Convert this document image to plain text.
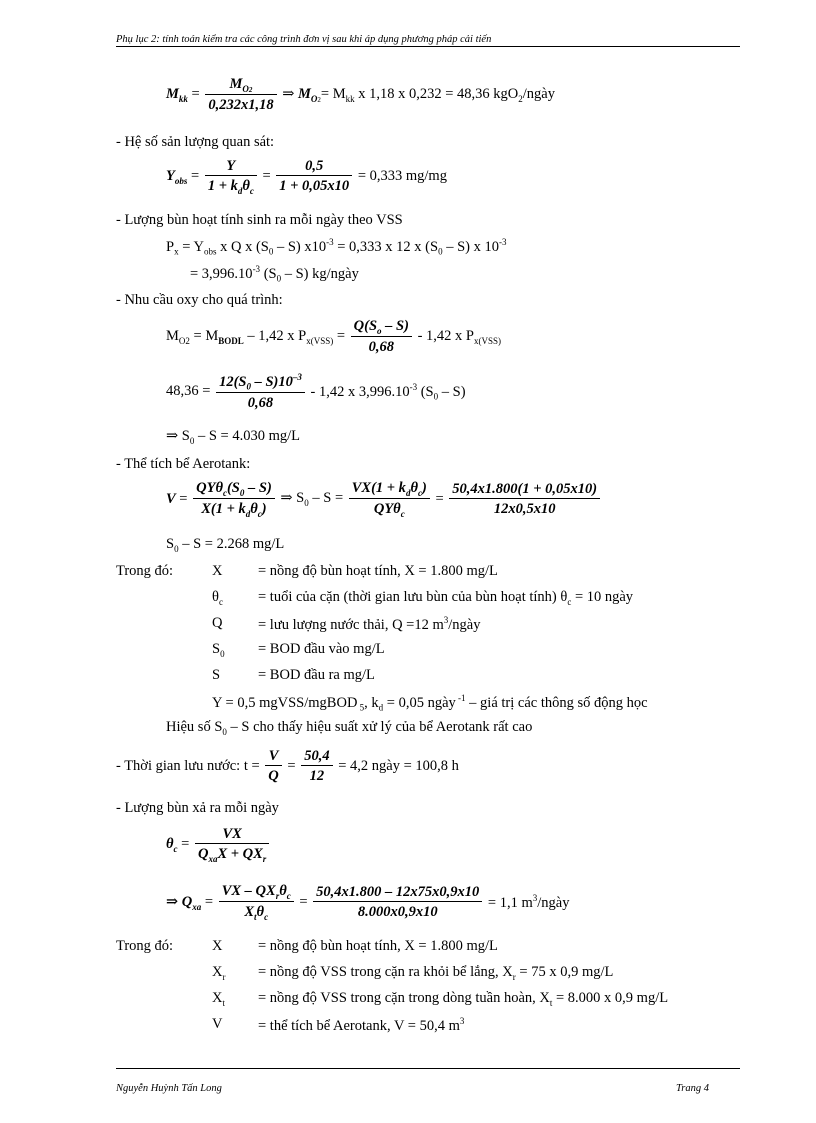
Phụ lục 2: tính toán kiểm tra các công trình đơn vị sau khi áp dụng phương pháp cải tiến
$M_{kk} = \frac{M_{O2}}{0,232x1,18}$ ⇒ $M_{O2}= M_{kk}$ x 1,18 x 0,232 = 48,36 kgO$_2$/ngày
- Hệ số sản lượng quan sát:
$Y_{obs} = \frac{Y}{1 + k_d\theta_c} = \frac{0,5}{1 + 0,05x10} = 0,333$ mg/mg
- Lượng bùn hoạt tính sinh ra mỗi ngày theo VSS
$P_x = Y_{obs}$ x Q x $(S_0 - S) x10^{-3} = 0,333$ x 12 x $(S_0 - S)$ x $10^{-3}$
= $3,996.10^{-3}$ $(S_0 - S)$ kg/ngày
- Nhu cầu oxy cho quá trình:
$M_{O2} = M_{BODL} - 1,42$ x $P_{x(VSS)} = \frac{Q(S_o - S)}{0,68} - 1,42$ x $P_{x(VSS)}$
$48,36 = \frac{12(S_0 - S)10^{-3}}{0,68} - 1,42$ x $3,996.10^{-3}$ $(S_0 - S)$
⇒ $S_0 - S = 4.030$ mg/L
- Thể tích bể Aerotank:
$V = \frac{QY\theta_c(S_0 - S)}{X(1 + k_d\theta_c)}$ ⇒ $S_0 - S = \frac{VX(1 + k_d\theta_c)}{QY\theta_c} = \frac{50,4x1.800(1 + 0,05x10)}{12x0,5x10}$
$S_0 - S = 2.268$ mg/L
Trong đó:	X = nồng độ bùn hoạt tính, X = 1.800 mg/L
$\theta_c$ = tuổi của cặn (thời gian lưu bùn của bùn hoạt tính) $\theta_c = 10$ ngày
Q = lưu lượng nước thải, Q =12 $m^3$/ngày
$S_0$ = BOD đầu vào mg/L
S	= BOD đầu ra mg/L
Y = 0,5 mgVSS/mgBOD $_5$, $k_d = 0,05$ ngày $^{-1}$ – giá trị các thông số động học
Hiệu số $S_0$ – S cho thấy hiệu suất xử lý của bể Aerotank rất cao
- Thời gian lưu nước: $t = \frac{V}{Q} = \frac{50,4}{12} = 4,2$ ngày = 100,8 h
- Lượng bùn xả ra mỗi ngày
$\theta_c = \frac{VX}{Q_{xa}X + QX_r}$
⇒ $Q_{xa} = \frac{VX - QX_r\theta_c}{X_t\theta_c} = \frac{50,4x1.800 - 12x75x0,9x10}{8.000x0,9x10} = 1,1$ $m^3$/ngày
Trong đó:	X = nồng độ bùn hoạt tính, X = 1.800 mg/L
$X_r$ = nồng độ VSS trong cặn ra khỏi bể lắng, $X_r = 75$ x 0,9 mg/L
$X_t$ = nồng độ VSS trong cặn trong dòng tuần hoàn, $X_t = 8.000$ x 0,9 mg/L
V = thể tích bể Aerotank, V = 50,4 $m^3$
Nguyễn Huỳnh Tấn Long	Trang 4
